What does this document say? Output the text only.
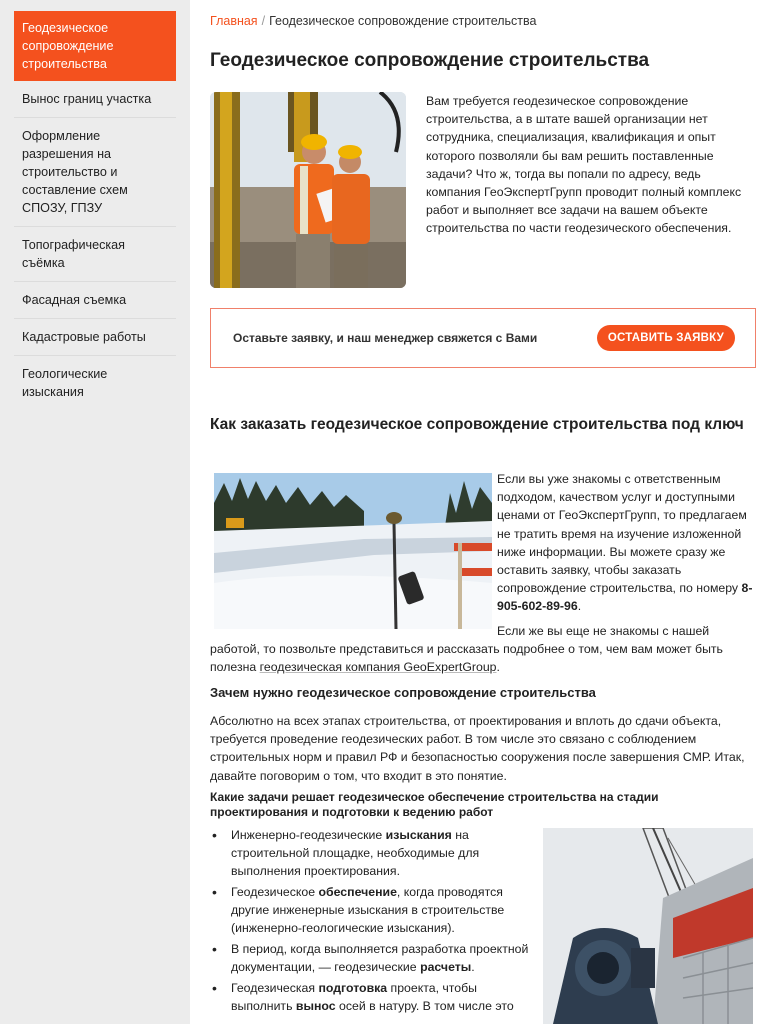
Геодезическое сопровождение строительства
Вынос границ участка
Оформление разрешения на строительство и составление схем СПОЗУ, ГПЗУ
Топографическая съёмка
Фасадная съемка
Кадастровые работы
Геологические изыскания
Главная / Геодезическое сопровождение строительства
Геодезическое сопровождение строительства

Вам требуется геодезическое сопровождение строительства, а в штате вашей организации нет сотрудника, специализация, квалификация и опыт которого позволяли бы вам решить поставленные задачи? Что ж, тогда вы попали по адресу, ведь компания ГеоЭкспертГрупп проводит полный комплекс работ и выполняет все задачи на вашем объекте строительства по части геодезического обеспечения.

Оставьте заявку, и наш менеджер свяжется с Вами	ОСТАВИТЬ ЗАЯВКУ
Как заказать геодезическое сопровождение строительства под ключ

Если вы уже знакомы с ответственным подходом, качеством услуг и доступными ценами от ГеоЭкспертГрупп, то предлагаем не тратить время на изучение изложенной ниже информации. Вы можете сразу же оставить заявку, чтобы заказать сопровождение строительства, по номеру 8-905-602-89-96.

Если же вы еще не знакомы с нашей
работой, то позвольте представиться и рассказать подробнее о том, чем вам может быть полезна геодезическая компания GeoExpertGroup.

Зачем нужно геодезическое сопровождение строительства

Абсолютно на всех этапах строительства, от проектирования и вплоть до сдачи объекта, требуется проведение геодезических работ. В том числе это связано с соблюдением строительных норм и правил РФ и безопасностью сооружения после завершения СМР. Итак, давайте поговорим о том, что входит в это понятие.

Какие задачи решает геодезическое обеспечение строительства на стадии проектирования и подготовки к ведению работ
• Инженерно-геодезические изыскания на строительной площадке, необходимые для выполнения проектирования.
• Геодезическое обеспечение, когда проводятся другие инженерные изыскания в строительстве (инженерно-геологические изыскания).
• В период, когда выполняется разработка проектной документации, — геодезические расчеты.
• Геодезическая подготовка проекта, чтобы выполнить вынос осей в натуру. В том числе это
